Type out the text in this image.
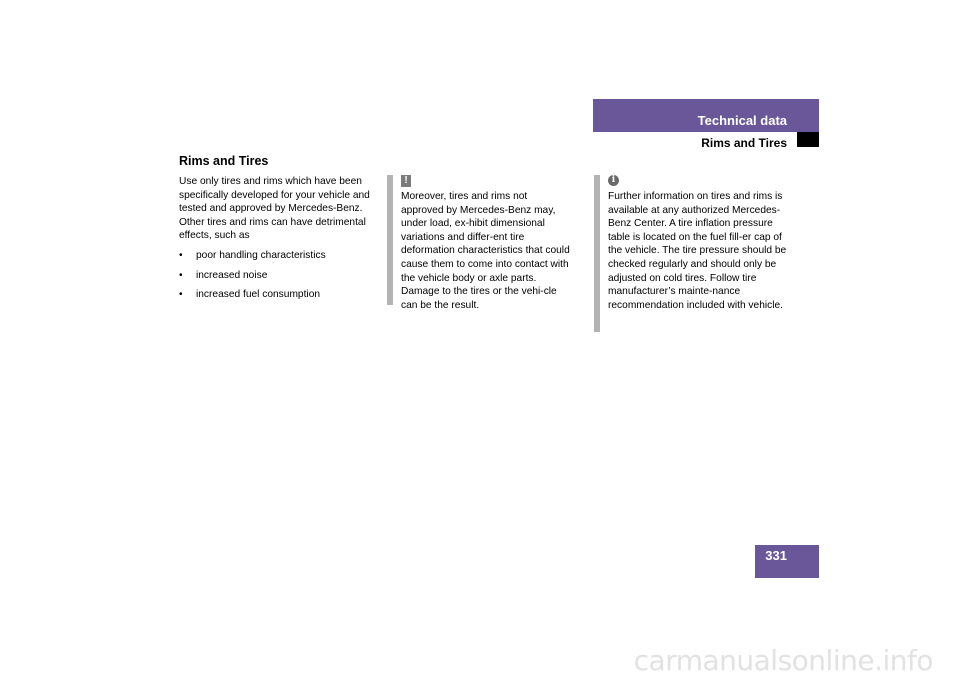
Technical data
Rims and Tires
Rims and Tires

Use only tires and rims which have been specifically developed for your vehicle and tested and approved by Mercedes-Benz. Other tires and rims can have detrimental effects, such as

• poor handling characteristics
• increased noise
• increased fuel consumption
!
Moreover, tires and rims not approved by Mercedes-Benz may, under load, ex-hibit dimensional variations and differ-ent tire deformation characteristics that could cause them to come into contact with the vehicle body or axle parts. Damage to the tires or the vehi-cle can be the result.
i
Further information on tires and rims is available at any authorized Mercedes-Benz Center. A tire inflation pressure table is located on the fuel fill-er cap of the vehicle. The tire pressure should be checked regularly and should only be adjusted on cold tires. Follow tire manufacturer’s mainte-nance recommendation included with vehicle.
331
carmanualsonline.info
